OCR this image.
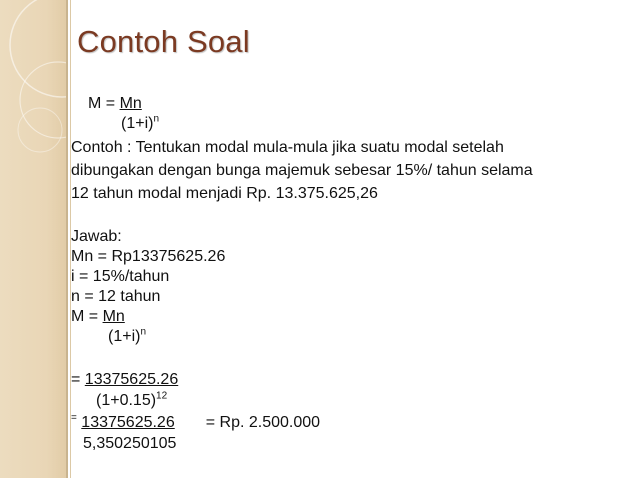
Contoh Soal
M = Mn
$(1+i)^n$
Contoh : Tentukan modal mula-mula jika suatu modal setelah
dibungakan dengan bunga majemuk sebesar 15%/ tahun selama
12 tahun modal menjadi Rp. 13.375.625,26
Jawab:
Mn = Rp13375625.26
i = 15%/tahun
n = 12 tahun
M = Mn
$(1+i)^n$
= 13375625.26
$(1+0.15)^{12}$
= 13375625.26 = Rp. 2.500.000
5,350250105
